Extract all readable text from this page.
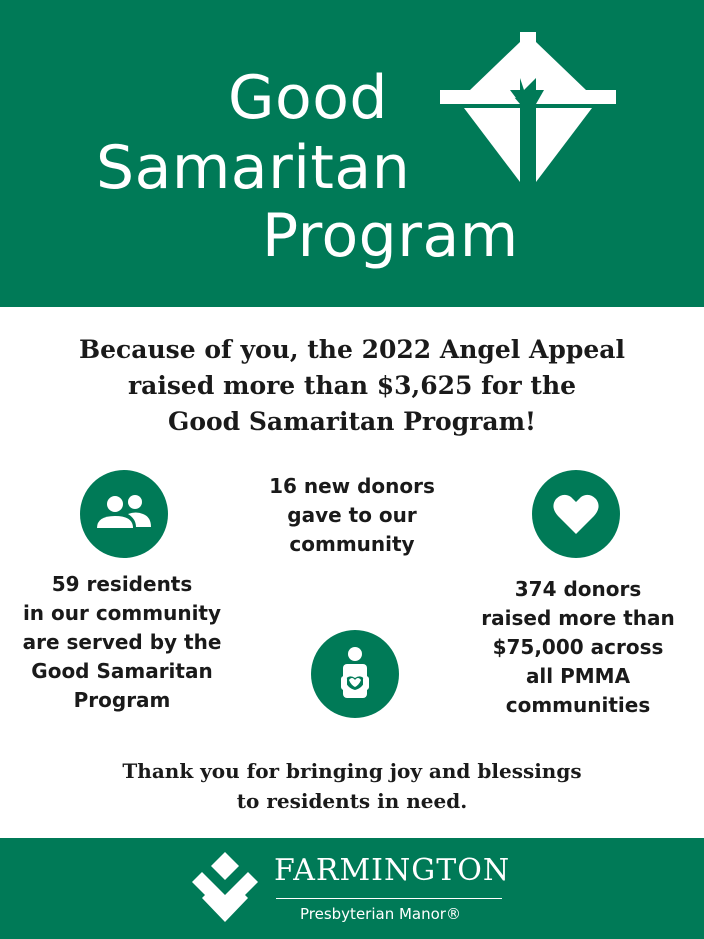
Good
Samaritan
Program
Because of you, the 2022 Angel Appeal
raised more than $3,625 for the
Good Samaritan Program!
16 new donors
gave to our
community
59 residents
in our community
are served by the
Good Samaritan
Program
374 donors
raised more than
$75,000 across
all PMMA
communities
Thank you for bringing joy and blessings
to residents in need.
FARMINGTON
Presbyterian Manor®
